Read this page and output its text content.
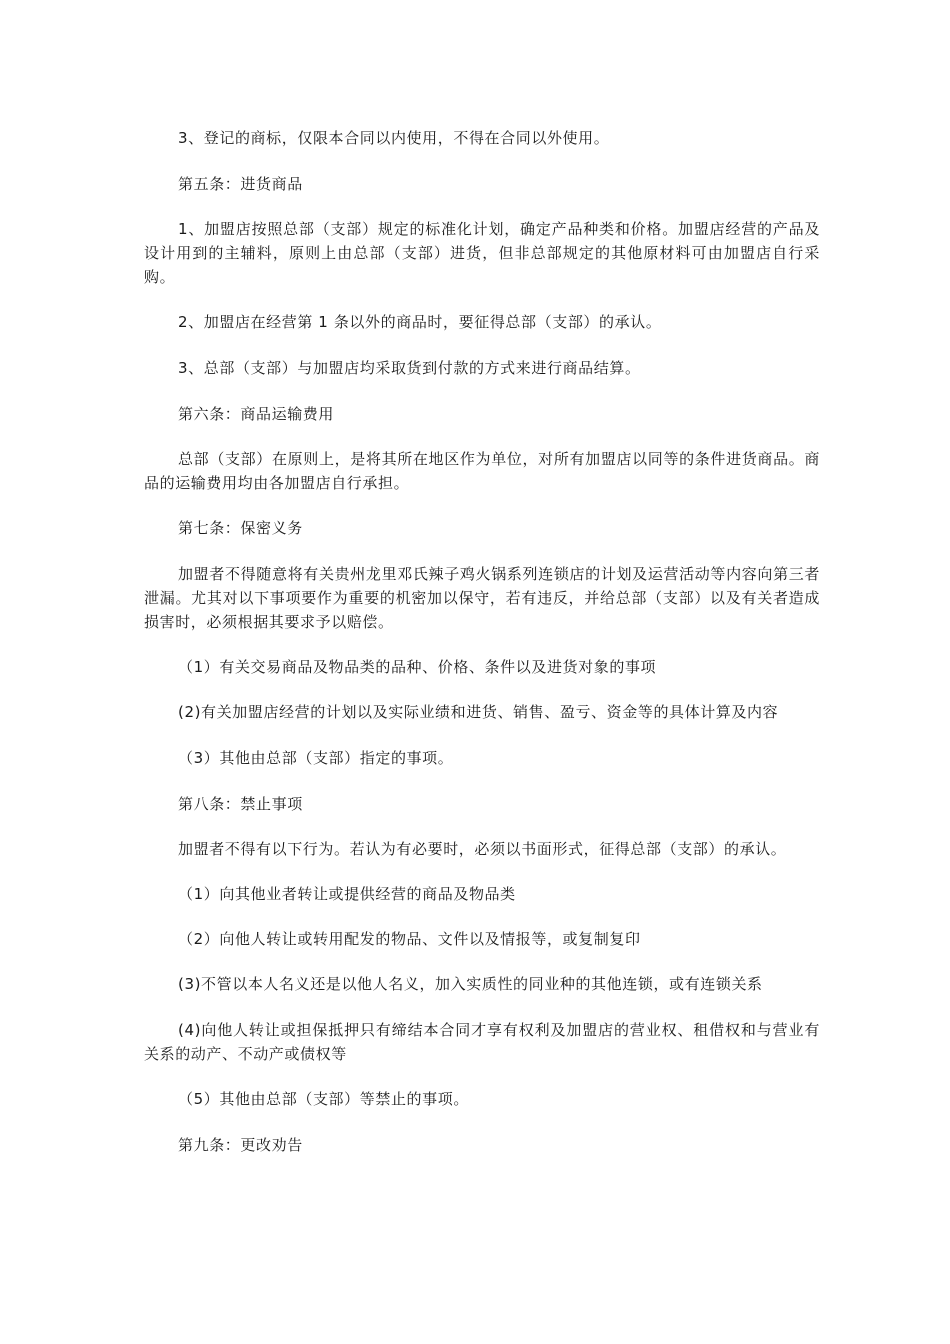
3、登记的商标，仅限本合同以内使用，不得在合同以外使用。

第五条：进货商品

1、加盟店按照总部（支部）规定的标准化计划，确定产品种类和价格。加盟店经营的产品及设计用到的主辅料，原则上由总部（支部）进货，但非总部规定的其他原材料可由加盟店自行采购。

2、加盟店在经营第 1 条以外的商品时，要征得总部（支部）的承认。

3、总部（支部）与加盟店均采取货到付款的方式来进行商品结算。

第六条：商品运输费用

总部（支部）在原则上，是将其所在地区作为单位，对所有加盟店以同等的条件进货商品。商品的运输费用均由各加盟店自行承担。

第七条：保密义务

加盟者不得随意将有关贵州龙里邓氏辣子鸡火锅系列连锁店的计划及运营活动等内容向第三者泄漏。尤其对以下事项要作为重要的机密加以保守，若有违反，并给总部（支部）以及有关者造成损害时，必须根据其要求予以赔偿。

（1）有关交易商品及物品类的品种、价格、条件以及进货对象的事项

(2)有关加盟店经营的计划以及实际业绩和进货、销售、盈亏、资金等的具体计算及内容

（3）其他由总部（支部）指定的事项。

第八条：禁止事项

加盟者不得有以下行为。若认为有必要时，必须以书面形式，征得总部（支部）的承认。

（1）向其他业者转让或提供经营的商品及物品类

（2）向他人转让或转用配发的物品、文件以及情报等，或复制复印

(3)不管以本人名义还是以他人名义，加入实质性的同业种的其他连锁，或有连锁关系

(4)向他人转让或担保抵押只有缔结本合同才享有权利及加盟店的营业权、租借权和与营业有关系的动产、不动产或债权等

（5）其他由总部（支部）等禁止的事项。

第九条：更改劝告
